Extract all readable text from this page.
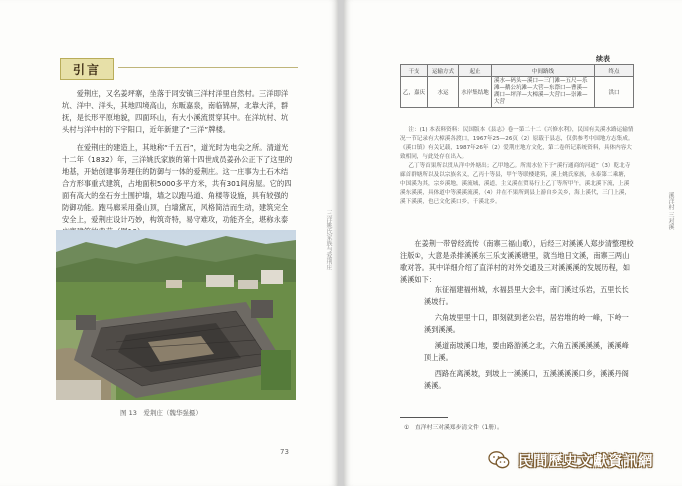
引言

爱荆庄，又名姜坪寨，坐落于同安镇三洋村洋里自然村。三洋即洋坑、洋中、洋头，其地四境高山，东畈嘉泉，南临锦屏，北靠大洋，群抚，是长形平原地貌，四面环山，有大小溪流贯穿其中。在洋坑村、坑头村与洋中村的下宇阳口，近年新建了“三洋”牌楼。

在爱荆庄的建造上，其地称“千五百”，道光时为电尖之所。清道光十二年（1832）年，三洋姚氏家族的第十四世成员姜孙公正下了这里的地基，开始创建事务理住的防御与一体的爱荆庄。这一庄事为土石木结合方形事重式建筑，占地面积5000多平方米，共有301间房屋。它的四面有高大的垒石夯土围护墙，墙之以跑马道、角楼等设施，具有较强的防御功能。跑马廊采用叠山顶，白墙黛瓦，风格简洁而生动，建筑完全安全上，爱荆庄设计巧妙，构筑奇特，易守难攻，功能齐全，堪称永泰

图 13　爱荆庄（魏华强摄）
73
三洋姚氏家族与爱荆庄
续表
干支	运输方式	起止	中间路线	终点
乙，嘉庆	水运	水岸集结地	溪水—码头—溪口—三门滩—五尺—乐滩—鹅公坑滩—大营—东漈口—曹溪—湖口—坪洋—大樟溪—大营口—崇滩—大营	洪口

注：(1) 本表料资料：民国版本《县志》卷一第二十二《兴修水利》，民国有关溪水路运输情况一节记录有大樟溪各渡口，1967年25—26页（2）原载于县志，仅供参考中国地方志集成。《溪口镇》有关记载，1987年26年（2）爱荆庄地方文化，第二卷所记系统资料，具体内容大致相同，与此处存在出入。

乙丁等首果所以贯从洋中外塘出；乙甲地乙。所需水位下于“溪行通商的河道”（3）乾北寺廊首群塘所以及以宗族名义，乙丙十等县，甲午等联楼建筑，溪上姚氏家族，永泰第二乘塘，中国溪为其，宗乡溪地，溪流城，溪道，主义溪在贸易行上乙丁等所甲午，溪北溪下流，上溪溪东溪溪，具体道中等溪溪流溪，（4）并在不果所到县上游自乡关乡，海上溪代，三门上溪，溪下溪溪，也已文化溪口乡，千溪北乡。

在姜荆一带曾经流传（南寨三福山歌），后经三对溪溪人郑步清整理校注版①，大意是杀排溪溪东三乐支溪溪塘里，就当地日文溪，南寨三两山歌对答。其中详细介绍了直洋村的对外交通及三对溪溪溪的发展历程，如溪溪如下：

东征福建福州城，水福县里大会丰，南门溪过乐岩，五里长长溪坡行。

六角坡里里十口，即刻就到老公岩，居岩堆的岭一峰，下岭一溪到溪溪。

溪道南坡溪口地，要由路游溪之北，六角五溪溪溪溪，溪溪峰顶上溪。

西路在离溪坡，到坡上一溪溪口，五溪溪溪溪口乡，溪溪丹阁溪溪。

①　直洋村三对溪郑步清文件（1册）。
溪洋村 三对溪
民間歷史文獻資訊網
